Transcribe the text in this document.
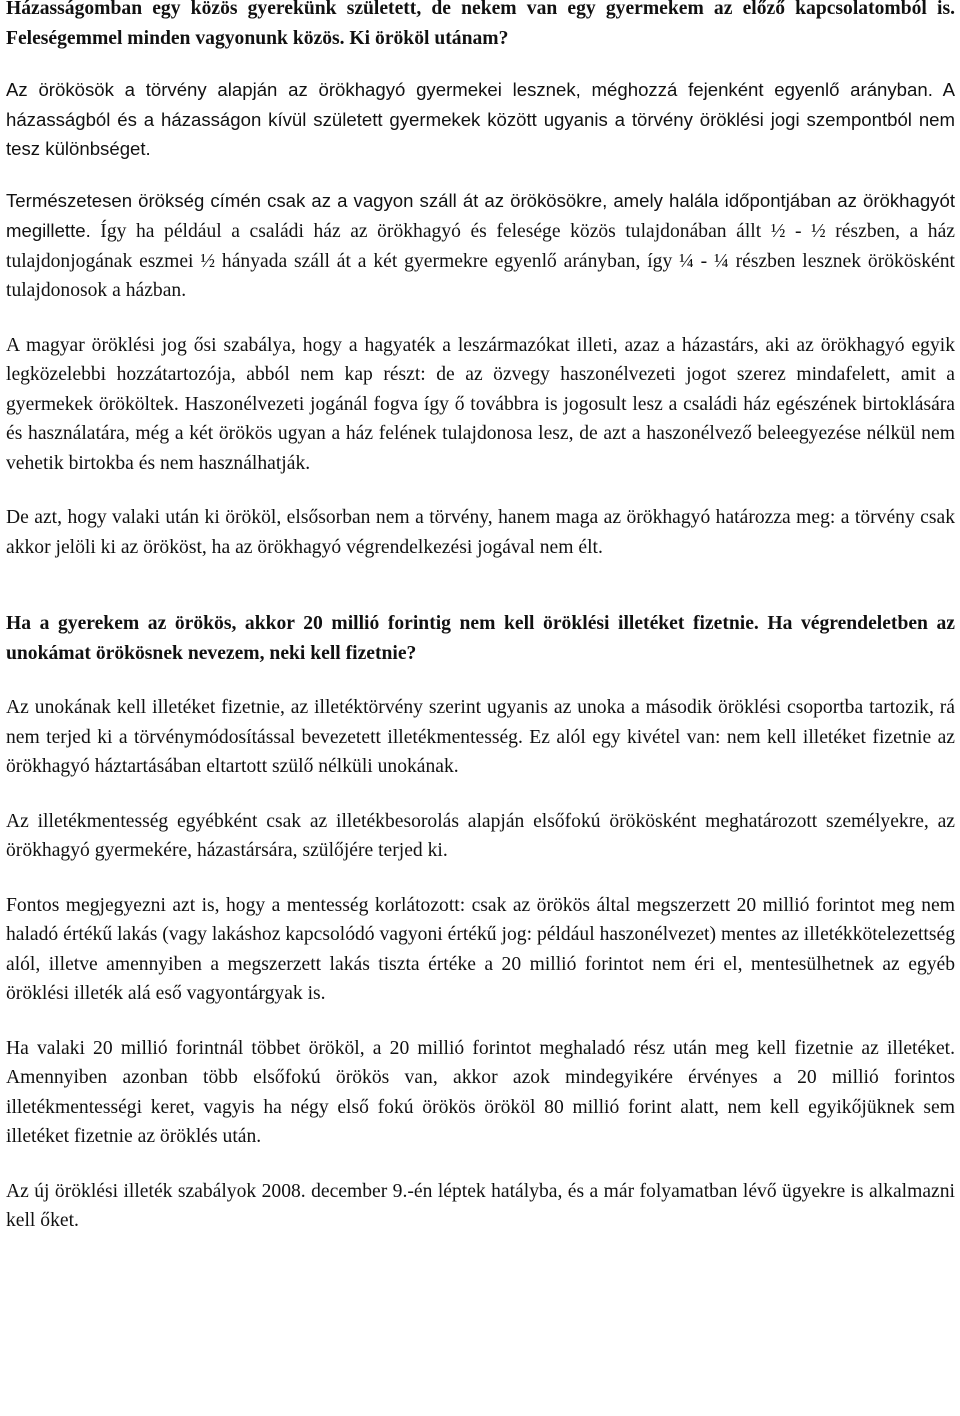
Házasságomban egy közös gyerekünk született, de nekem van egy gyermekem az előző kapcsolatomból is. Feleségemmel minden vagyonunk közös. Ki örököl utánam?

Az örökösök a törvény alapján az örökhagyó gyermekei lesznek, méghozzá fejenként egyenlő arányban. A házasságból és a házasságon kívül született gyermekek között ugyanis a törvény öröklési jogi szempontból nem tesz különbséget.

Természetesen örökség címén csak az a vagyon száll át az örökösökre, amely halála időpontjában az örökhagyót megillette. Így ha például a családi ház az örökhagyó és felesége közös tulajdonában állt ½ - ½ részben, a ház tulajdonjogának eszmei ½ hányada száll át a két gyermekre egyenlő arányban, így ¼ - ¼ részben lesznek örökösként tulajdonosok a házban.

A magyar öröklési jog ősi szabálya, hogy a hagyaték a leszármazókat illeti, azaz a házastárs, aki az örökhagyó egyik legközelebbi hozzátartozója, abból nem kap részt: de az özvegy haszonélvezeti jogot szerez mindafelett, amit a gyermekek örököltek. Haszonélvezeti jogánál fogva így ő továbbra is jogosult lesz a családi ház egészének birtoklására és használatára, még a két örökös ugyan a ház felének tulajdonosa lesz, de azt a haszonélvező beleegyezése nélkül nem vehetik birtokba és nem használhatják.

De azt, hogy valaki után ki örököl, elsősorban nem a törvény, hanem maga az örökhagyó határozza meg: a törvény csak akkor jelöli ki az örököst, ha az örökhagyó végrendelkezési jogával nem élt.

Ha a gyerekem az örökös, akkor 20 millió forintig nem kell öröklési illetéket fizetnie. Ha végrendeletben az unokámat örökösnek nevezem, neki kell fizetnie?

Az unokának kell illetéket fizetnie, az illetéktörvény szerint ugyanis az unoka a második öröklési csoportba tartozik, rá nem terjed ki a törvénymódosítással bevezetett illetékmentesség. Ez alól egy kivétel van: nem kell illetéket fizetnie az örökhagyó háztartásában eltartott szülő nélküli unokának.

Az illetékmentesség egyébként csak az illetékbesorolás alapján elsőfokú örökösként meghatározott személyekre, az örökhagyó gyermekére, házastársára, szülőjére terjed ki.

Fontos megjegyezni azt is, hogy a mentesség korlátozott: csak az örökös által megszerzett 20 millió forintot meg nem haladó értékű lakás (vagy lakáshoz kapcsolódó vagyoni értékű jog: például haszonélvezet) mentes az illetékkötelezettség alól, illetve amennyiben a megszerzett lakás tiszta értéke a 20 millió forintot nem éri el, mentesülhetnek az egyéb öröklési illeték alá eső vagyontárgyak is.

Ha valaki 20 millió forintnál többet örököl, a 20 millió forintot meghaladó rész után meg kell fizetnie az illetéket. Amennyiben azonban több elsőfokú örökös van, akkor azok mindegyikére érvényes a 20 millió forintos illetékmentességi keret, vagyis ha négy első fokú örökös örököl 80 millió forint alatt, nem kell egyikőjüknek sem illetéket fizetnie az öröklés után.

Az új öröklési illeték szabályok 2008. december 9.-én léptek hatályba, és a már folyamatban lévő ügyekre is alkalmazni kell őket.
